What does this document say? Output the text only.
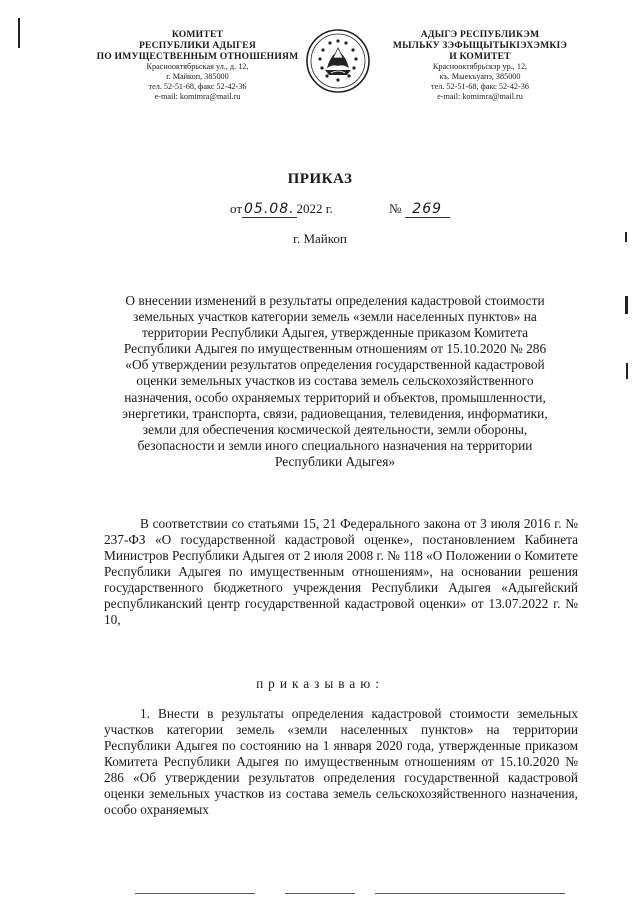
КОМИТЕТ
РЕСПУБЛИКИ АДЫГЕЯ
ПО ИМУЩЕСТВЕННЫМ ОТНОШЕНИЯМ
Краснооктябрьская ул., д. 12,
г. Майкоп, 385000
тел. 52-51-68, факс 52-42-36
e-mail: komimra@mail.ru
АДЫГЭ РЕСПУБЛИКЭМ
МЫЛЬКУ ЗЭФЫЩЫТЫКІЭХЭМКІЭ
И КОМИТЕТ
Краснооктябрьскэр ур., 12,
къ. Мыекъуапэ, 385000
тел. 52-51-68, факс 52-42-36
e-mail: komimra@mail.ru
ПРИКАЗ
от 05.08. 2022 г.	№ 269
г. Майкоп
О внесении изменений в результаты определения кадастровой стоимости
земельных участков категории земель «земли населенных пунктов» на
территории Республики Адыгея, утвержденные приказом Комитета
Республики Адыгея по имущественным отношениям от 15.10.2020 № 286
«Об утверждении результатов определения государственной кадастровой
оценки земельных участков из состава земель сельскохозяйственного
назначения, особо охраняемых территорий и объектов, промышленности,
энергетики, транспорта, связи, радиовещания, телевидения, информатики,
земли для обеспечения космической деятельности, земли обороны,
безопасности и земли иного специального назначения на территории
Республики Адыгея»
В соответствии со статьями 15, 21 Федерального закона от 3 июля 2016 г. № 237-ФЗ «О государственной кадастровой оценке», постановлением Кабинета Министров Республики Адыгея от 2 июля 2008 г. № 118 «О Положении о Комитете Республики Адыгея по имущественным отношениям», на основании решения государственного бюджетного учреждения Республики Адыгея «Адыгейский республиканский центр государственной кадастровой оценки» от 13.07.2022 г. № 10,
приказываю:
1. Внести в результаты определения кадастровой стоимости земельных участков категории земель «земли населенных пунктов» на территории Республики Адыгея по состоянию на 1 января 2020 года, утвержденные приказом Комитета Республики Адыгея по имущественным отношениям от 15.10.2020 № 286 «Об утверждении результатов определения государственной кадастровой оценки земельных участков из состава земель сельскохозяйственного назначения, особо охраняемых
